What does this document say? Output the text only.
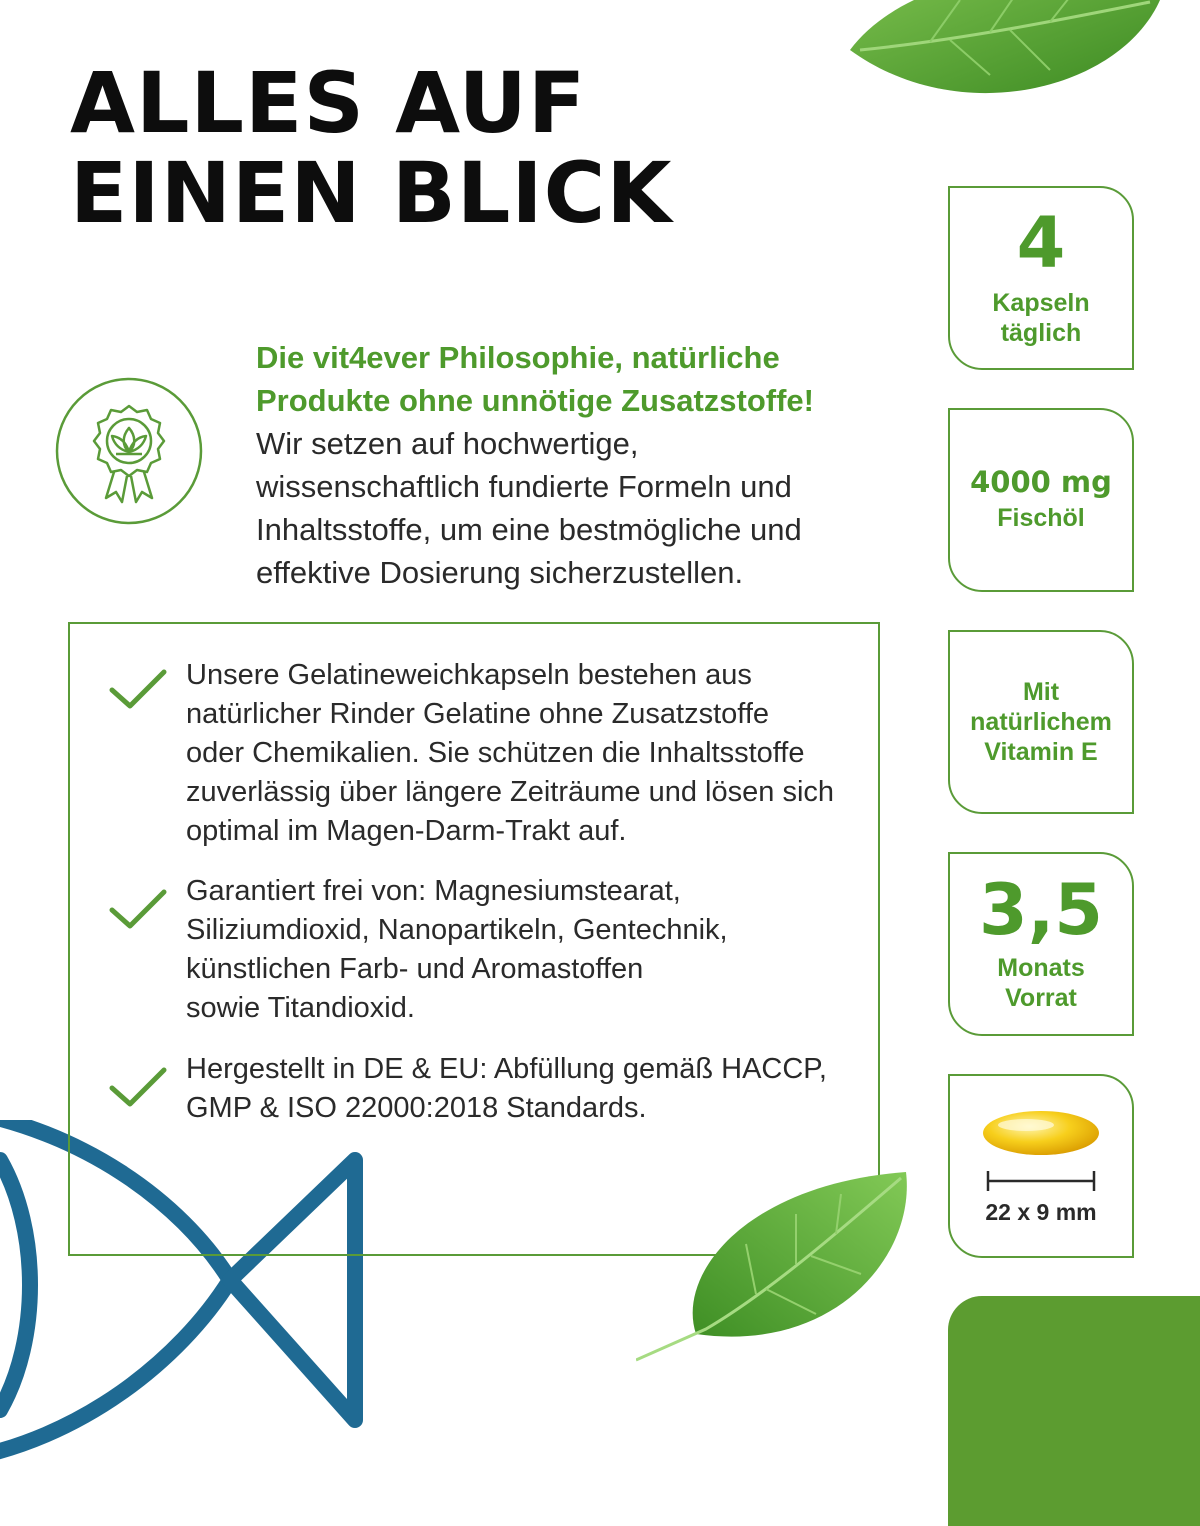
ALLES AUF
EINEN BLICK
Die vit4ever Philosophie, natürliche
Produkte ohne unnötige Zusatzstoffe!
Wir setzen auf hochwertige,
wissenschaftlich fundierte Formeln und
Inhaltsstoffe, um eine bestmögliche und
effektive Dosierung sicherzustellen.
Unsere Gelatineweichkapseln bestehen aus
natürlicher Rinder Gelatine ohne Zusatzstoffe
oder Chemikalien. Sie schützen die Inhaltsstoffe
zuverlässig über längere Zeiträume und lösen sich
optimal im Magen-Darm-Trakt auf.
Garantiert frei von: Magnesiumstearat,
Siliziumdioxid, Nanopartikeln, Gentechnik,
künstlichen Farb- und Aromastoffen
sowie Titandioxid.
Hergestellt in DE & EU: Abfüllung gemäß HACCP,
GMP & ISO 22000:2018 Standards.
4
Kapseln
täglich
4000 mg
Fischöl
Mit
natürlichem
Vitamin E
3,5
Monats
Vorrat
22 x 9 mm
